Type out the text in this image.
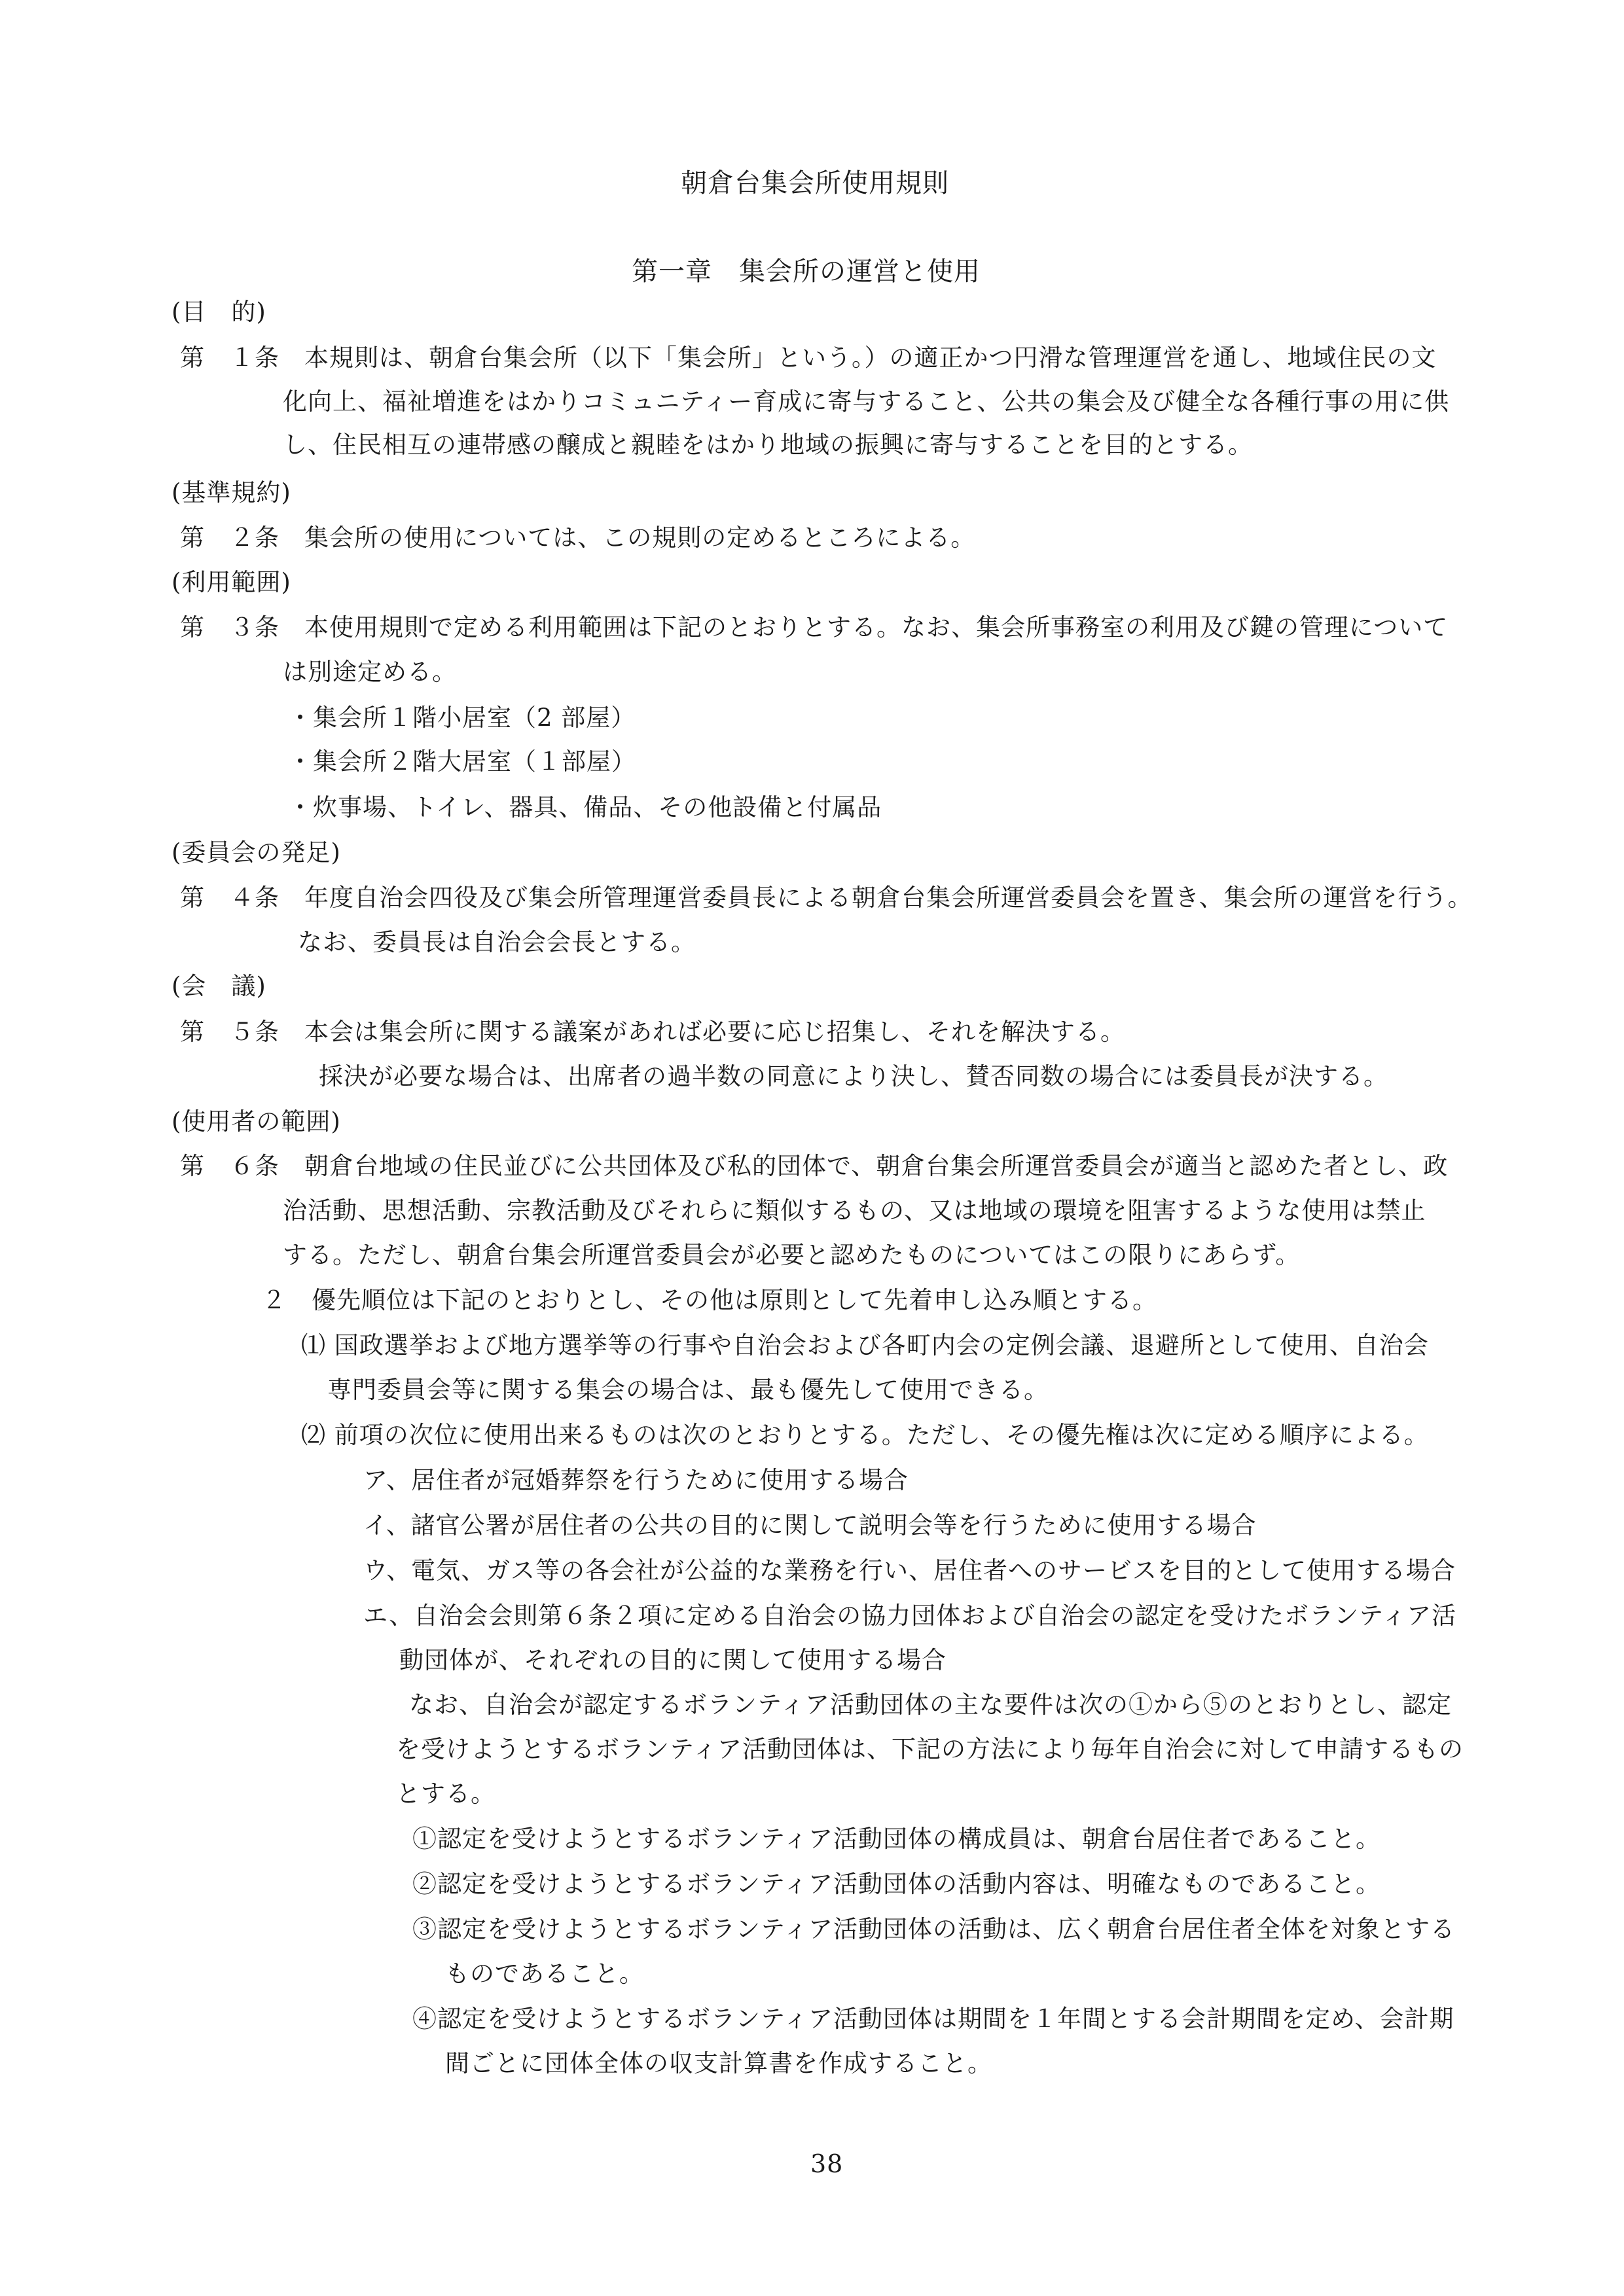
朝倉台集会所使用規則
第一章　集会所の運営と使用
(目　的)
第　１条　本規則は、朝倉台集会所（以下「集会所」という。）の適正かつ円滑な管理運営を通し、地域住民の文
化向上、福祉増進をはかりコミュニティー育成に寄与すること、公共の集会及び健全な各種行事の用に供
し、住民相互の連帯感の醸成と親睦をはかり地域の振興に寄与することを目的とする。
(基準規約)
第　２条　集会所の使用については、この規則の定めるところによる。
(利用範囲)
第　３条　本使用規則で定める利用範囲は下記のとおりとする。なお、集会所事務室の利用及び鍵の管理について
は別途定める。
・集会所１階小居室（2 部屋）
・集会所２階大居室（１部屋）
・炊事場、トイレ、器具、備品、その他設備と付属品
(委員会の発足)
第　４条　年度自治会四役及び集会所管理運営委員長による朝倉台集会所運営委員会を置き、集会所の運営を行う。
なお、委員長は自治会会長とする。
(会　議)
第　５条　本会は集会所に関する議案があれば必要に応じ招集し、それを解決する。
採決が必要な場合は、出席者の過半数の同意により決し、賛否同数の場合には委員長が決する。
(使用者の範囲)
第　６条　朝倉台地域の住民並びに公共団体及び私的団体で、朝倉台集会所運営委員会が適当と認めた者とし、政
治活動、思想活動、宗教活動及びそれらに類似するもの、又は地域の環境を阻害するような使用は禁止
する。ただし、朝倉台集会所運営委員会が必要と認めたものについてはこの限りにあらず。
２　優先順位は下記のとおりとし、その他は原則として先着申し込み順とする。
⑴ 国政選挙および地方選挙等の行事や自治会および各町内会の定例会議、退避所として使用、自治会
専門委員会等に関する集会の場合は、最も優先して使用できる。
⑵ 前項の次位に使用出来るものは次のとおりとする。ただし、その優先権は次に定める順序による。
ア、居住者が冠婚葬祭を行うために使用する場合
イ、諸官公署が居住者の公共の目的に関して説明会等を行うために使用する場合
ウ、電気、ガス等の各会社が公益的な業務を行い、居住者へのサービスを目的として使用する場合
エ、自治会会則第６条２項に定める自治会の協力団体および自治会の認定を受けたボランティア活
動団体が、それぞれの目的に関して使用する場合
なお、自治会が認定するボランティア活動団体の主な要件は次の①から⑤のとおりとし、認定
を受けようとするボランティア活動団体は、下記の方法により毎年自治会に対して申請するもの
とする。
①認定を受けようとするボランティア活動団体の構成員は、朝倉台居住者であること。
②認定を受けようとするボランティア活動団体の活動内容は、明確なものであること。
③認定を受けようとするボランティア活動団体の活動は、広く朝倉台居住者全体を対象とする
ものであること。
④認定を受けようとするボランティア活動団体は期間を１年間とする会計期間を定め、会計期
間ごとに団体全体の収支計算書を作成すること。
38
